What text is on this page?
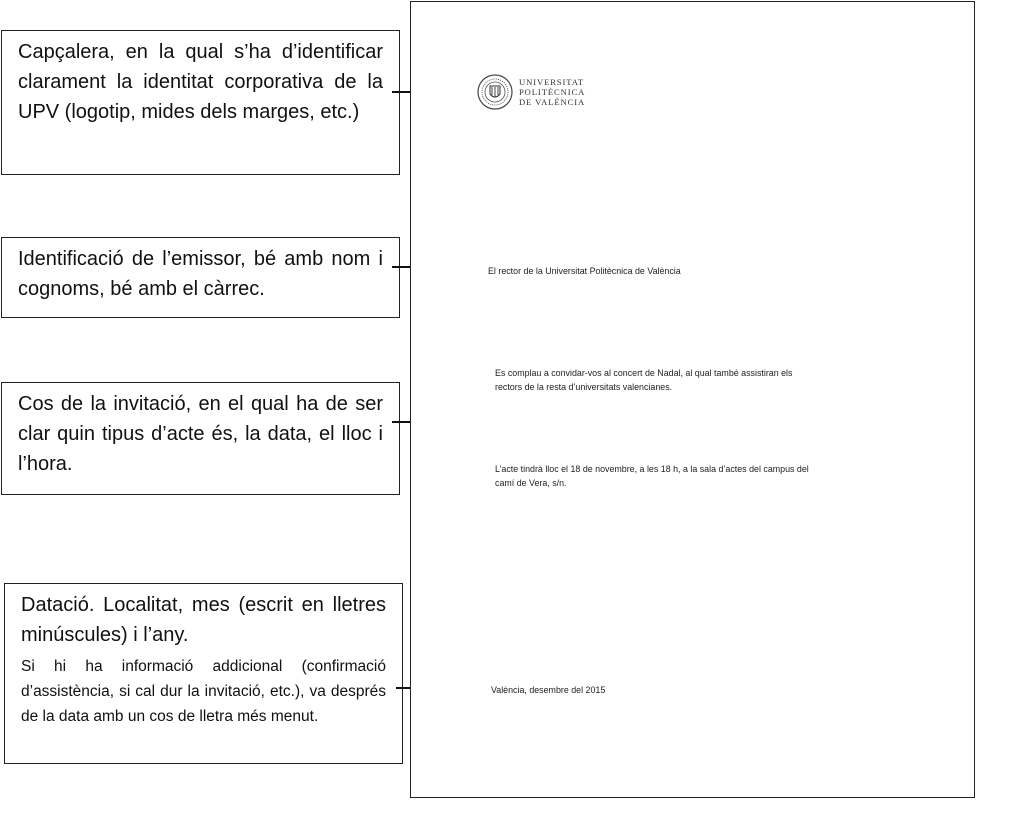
Capçalera, en la qual s’ha d’identificar clarament la identitat corporativa de la UPV (logotip, mides dels marges, etc.)

Identificació de l’emissor, bé amb nom i cognoms, bé amb el càrrec.

Cos de la invitació, en el qual ha de ser clar quin tipus d’acte és, la data, el lloc i l’hora.

Datació. Localitat, mes (escrit en lletres minúscules) i l’any.

Si hi ha informació addicional (confirmació d’assistència, si cal dur la invitació, etc.), va després de la data amb un cos de lletra més menut.

UNIVERSITAT
POLITÈCNICA
DE VALÈNCIA
El rector de la Universitat Politècnica de València
Es complau a convidar-vos al concert de Nadal, al qual també assistiran els
rectors de la resta d’universitats valencianes.
L’acte tindrà lloc el 18 de novembre, a les 18 h, a la sala d’actes del campus del
camí de Vera, s/n.
València, desembre del 2015
